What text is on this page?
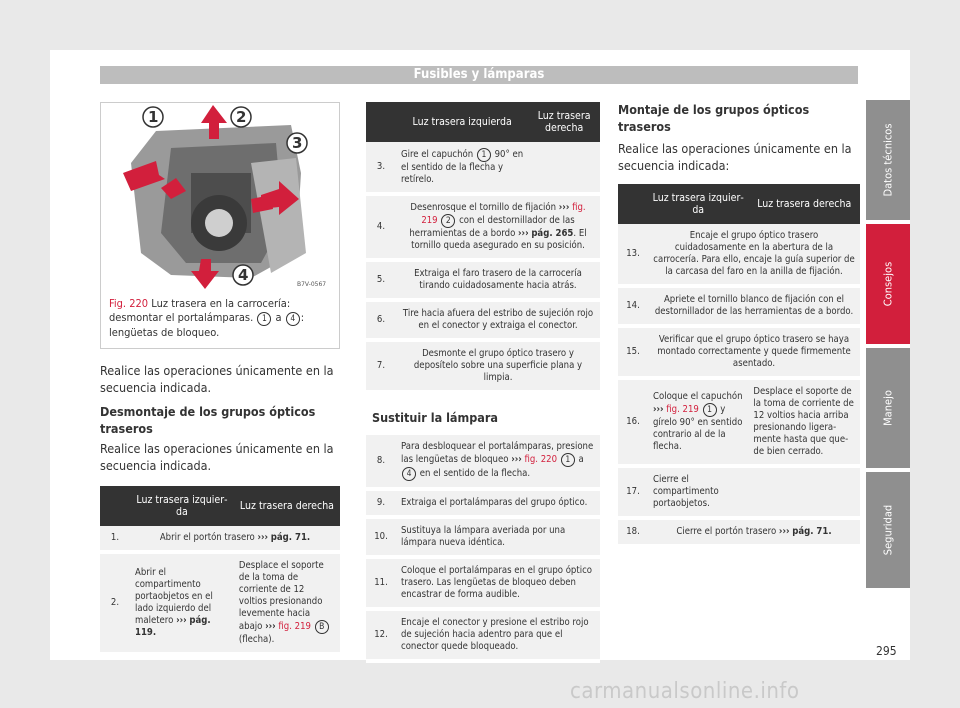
Fusibles y lámparas
1	2
3
4
B7V-0567
Fig. 220 Luz trasera en la carrocería: desmontar el portalámparas. 1 a 4 : lengüetas de bloqueo.

Realice las operaciones únicamente en la secuencia indicada.

Desmontaje de los grupos ópticos traseros

Realice las operaciones únicamente en la secuencia indicada.

	Luz trasera izquierda	Luz trasera derecha
1.	Abrir el portón trasero ››› pág. 71.	
2.	Abrir el compartimento portaobjetos en el lado izquierdo del maletero ››› pág. 119.	Desplace el soporte de la toma de corriente de 12 voltios presionando levemente hacia abajo ››› fig. 219 B (flecha).
	Luz trasera izquierda	Luz trasera derecha
3.	Gire el capuchón 1 90° en el sentido de la flecha y retírelo.	
4.	Desenrosque el tornillo de fijación ››› fig. 219 2 con el destornillador de las herramientas de a bordo ››› pág. 265. El tornillo queda asegurado en su posición.	
5.	Extraiga el faro trasero de la carrocería tirando cuidadosamente hacia atrás.	
6.	Tire hacia afuera del estribo de sujeción rojo en el conector y extraiga el conector.	
7.	Desmonte el grupo óptico trasero y deposítelo sobre una superficie plana y limpia.	

Sustituir la lámpara

8.	Para desbloquear el portalámparas, presione las lengüetas de bloqueo ››› fig. 220 1 a 4 en el sentido de la flecha.
9.	Extraiga el portalámparas del grupo óptico.
10.	Sustituya la lámpara averiada por una lámpara nueva idéntica.
11.	Coloque el portalámparas en el grupo óptico trasero. Las lengüetas de bloqueo deben encastrar de forma audible.
12.	Encaje el conector y presione el estribo rojo de sujeción hacia adentro para que el conector quede bloqueado.

Montaje de los grupos ópticos traseros

Realice las operaciones únicamente en la secuencia indicada:

	Luz trasera izquierda	Luz trasera derecha
13.	Encaje el grupo óptico trasero cuidadosamente en la abertura de la carrocería. Para ello, encaje la guía superior de la carcasa del faro en la anilla de fijación.	
14.	Apriete el tornillo blanco de fijación con el destornillador de las herramientas de a bordo.	
15.	Verificar que el grupo óptico trasero se haya montado correctamente y quede firmemente asentado.	
16.	Coloque el capuchón ››› fig. 219 1 y gírelo 90° en sentido contrario al de la flecha.	Desplace el soporte de la toma de corriente de 12 voltios hacia arriba presionando ligeramente hasta que quede bien cerrado.
17.	Cierre el compartimento portaobjetos.	
18.	Cierre el portón trasero ››› pág. 71.	
Datos técnicos
Consejos
Manejo
Seguridad
295
carmanualsonline.info
